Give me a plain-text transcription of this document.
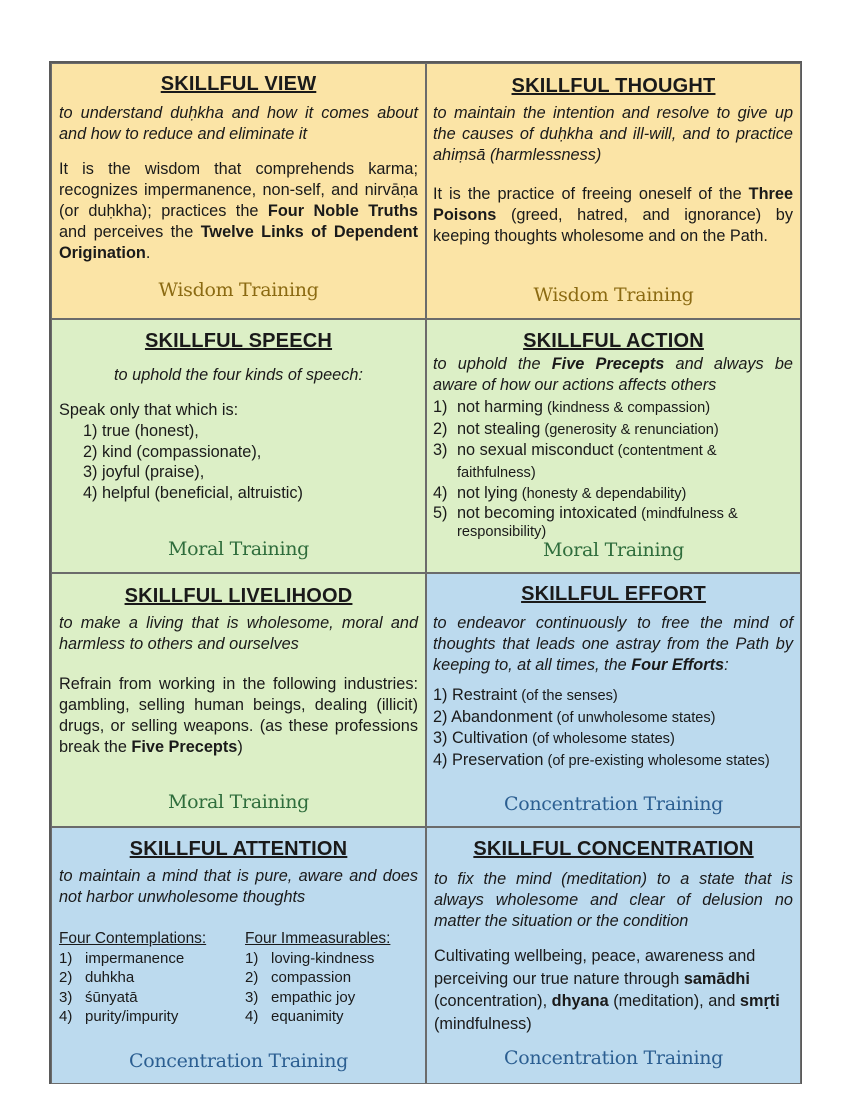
SKILLFUL VIEW
to understand duḥkha and how it comes about and how to reduce and eliminate it
It is the wisdom that comprehends karma; recognizes impermanence, non-self, and nirvāṇa (or duḥkha); practices the Four Noble Truths and perceives the Twelve Links of Dependent Origination.
Wisdom Training
SKILLFUL THOUGHT
to maintain the intention and resolve to give up the causes of duḥkha and ill-will, and to practice ahiṃsā (harmlessness)
It is the practice of freeing oneself of the Three Poisons (greed, hatred, and ignorance) by keeping thoughts wholesome and on the Path.
Wisdom Training
SKILLFUL SPEECH
to uphold the four kinds of speech:
Speak only that which is:
1) true (honest),
2) kind (compassionate),
3) joyful (praise),
4) helpful (beneficial, altruistic)
Moral Training
SKILLFUL ACTION
to uphold the Five Precepts and always be aware of how our actions affects others
1) not harming (kindness & compassion)
2) not stealing (generosity & renunciation)
3) no sexual misconduct (contentment & faithfulness)
4) not lying (honesty & dependability)
5) not becoming intoxicated (mindfulness & responsibility)
Moral Training
SKILLFUL LIVELIHOOD
to make a living that is wholesome, moral and harmless to others and ourselves
Refrain from working in the following industries: gambling, selling human beings, dealing (illicit) drugs, or selling weapons. (as these professions break the Five Precepts)
Moral Training
SKILLFUL EFFORT
to endeavor continuously to free the mind of thoughts that leads one astray from the Path by keeping to, at all times, the Four Efforts:
1) Restraint (of the senses)
2) Abandonment (of unwholesome states)
3) Cultivation (of wholesome states)
4) Preservation (of pre-existing wholesome states)
Concentration Training
SKILLFUL ATTENTION
to maintain a mind that is pure, aware and does not harbor unwholesome thoughts
Four Contemplations:
1) impermanence
2) duhkha
3) śūnyatā
4) purity/impurity
Four Immeasurables:
1) loving-kindness
2) compassion
3) empathic joy
4) equanimity
Concentration Training
SKILLFUL CONCENTRATION
to fix the mind (meditation) to a state that is always wholesome and clear of delusion no matter the situation or the condition
Cultivating wellbeing, peace, awareness and perceiving our true nature through samādhi (concentration), dhyana (meditation), and smṛti (mindfulness)
Concentration Training
